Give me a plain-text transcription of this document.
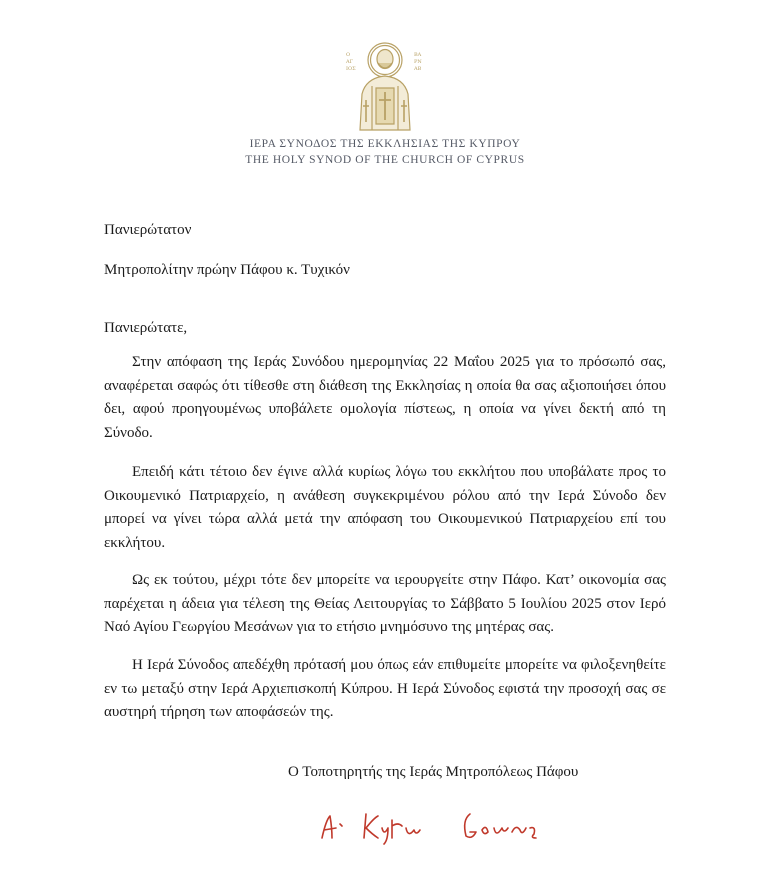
Ο
ΑΓ
ΙΟΣ
ΒΑ
ΡΝ
ΑΒ
ΙΕΡΑ ΣΥΝΟΔΟΣ ΤΗΣ ΕΚΚΛΗΣΙΑΣ ΤΗΣ ΚΥΠΡΟΥ
THE HOLY SYNOD OF THE CHURCH OF CYPRUS
Πανιερώτατον
Μητροπολίτην πρώην Πάφου κ. Τυχικόν
Πανιερώτατε,

Στην απόφαση της Ιεράς Συνόδου ημερομηνίας 22 Μαΐου 2025 για το πρόσωπό σας, αναφέρεται σαφώς ότι τίθεσθε στη διάθεση της Εκκλησίας η οποία θα σας αξιοποιήσει όπου δει, αφού προηγουμένως υποβάλετε ομολογία πίστεως, η οποία να γίνει δεκτή από τη Σύνοδο.

Επειδή κάτι τέτοιο δεν έγινε αλλά κυρίως λόγω του εκκλήτου που υποβάλατε προς το Οικουμενικό Πατριαρχείο, η ανάθεση συγκεκριμένου ρόλου από την Ιερά Σύνοδο δεν μπορεί να γίνει τώρα αλλά μετά την απόφαση του Οικουμενικού Πατριαρχείου επί του εκκλήτου.

Ως εκ τούτου, μέχρι τότε δεν μπορείτε να ιερουργείτε στην Πάφο. Κατ’ οικονομία σας παρέχεται η άδεια για τέλεση της Θείας Λειτουργίας το Σάββατο 5 Ιουλίου 2025 στον Ιερό Ναό Αγίου Γεωργίου Μεσάνων για το ετήσιο μνημόσυνο της μητέρας σας.

Η Ιερά Σύνοδος απεδέχθη πρότασή μου όπως εάν επιθυμείτε μπορείτε να φιλοξενηθείτε εν τω μεταξύ στην Ιερά Αρχιεπισκοπή Κύπρου. Η Ιερά Σύνοδος εφιστά την προσοχή σας σε αυστηρή τήρηση των αποφάσεών της.

Ο Τοποτηρητής της Ιεράς Μητροπόλεως Πάφου
